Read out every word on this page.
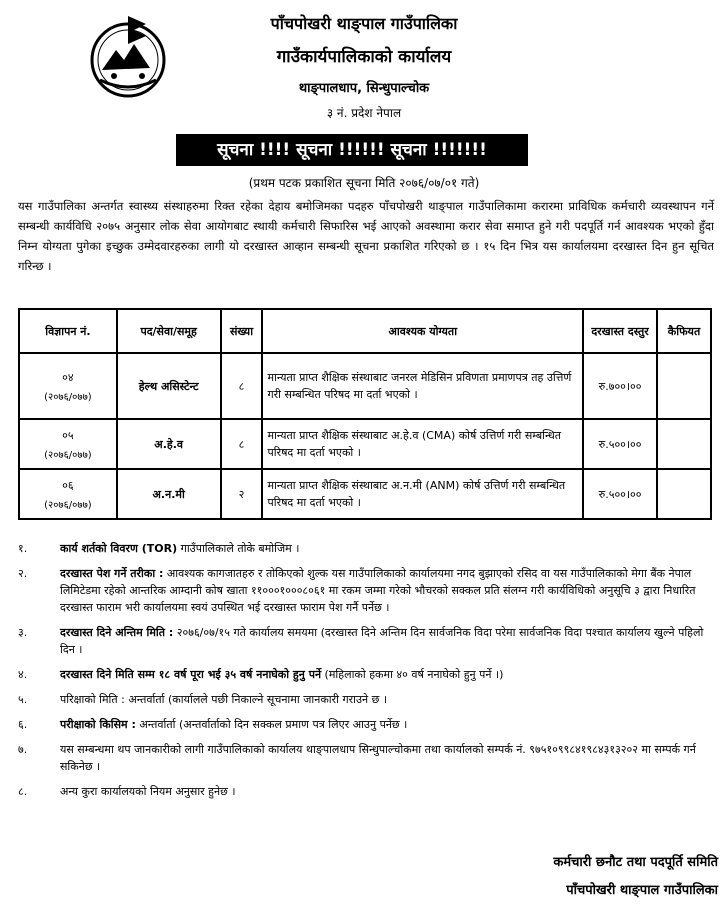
पाँचपोखरी थाङ्पाल गाउँपालिका
गाउँकार्यपालिकाको कार्यालय
थाङ्पालधाप, सिन्धुपाल्चोक
३ नं. प्रदेश नेपाल
सूचना !!!! सूचना !!!!!! सूचना !!!!!!!
(प्रथम पटक प्रकाशित सूचना मिति २०७६/०७/०१ गते)
यस गाउँपालिका अन्तर्गत स्वास्थ्य संस्थाहरुमा रिक्त रहेका देहाय बमोजिमका पदहरु पाँचपोखरी थाङ्पाल गाउँपालिकामा करारमा प्राविधिक कर्मचारी व्यवस्थापन गर्ने सम्बन्धी कार्यविधि २०७५ अनुसार लोक सेवा आयोगबाट स्थायी कर्मचारी सिफारिस भई आएको अवस्थामा करार सेवा समाप्त हुने गरी पदपूर्ति गर्न आवश्यक भएको हुँदा निम्न योग्यता पुगेका इच्छुक उम्मेदवारहरुका लागी यो दरखास्त आव्हान सम्बन्धी सूचना प्रकाशित गरिएको छ । १५ दिन भित्र यस कार्यालयमा दरखास्त दिन हुन सूचित गरिन्छ ।
विज्ञापन नं.	पद/सेवा/समूह	संख्या	आवश्यक योग्यता	दरखास्त दस्तुर	कैफियत
०४
(२०७६/०७७)	हेल्थ असिस्टेन्ट	८	मान्यता प्राप्त शैक्षिक संस्थाबाट जनरल मेडिसिन प्रविणता प्रमाणपत्र तह उत्तिर्ण गरी सम्बन्धित परिषद मा दर्ता भएको ।	रु.७००।००	
०५
(२०७६/०७७)	अ.हे.व	८	मान्यता प्राप्त शैक्षिक संस्थाबाट अ.हे.व (CMA) कोर्ष उत्तिर्ण गरी सम्बन्धित परिषद मा दर्ता भएको ।	रु.५००।००	
०६
(२०७६/०७७)	अ.न.मी	२	मान्यता प्राप्त शैक्षिक संस्थाबाट अ.न.मी (ANM) कोर्ष उत्तिर्ण गरी सम्बन्धित परिषद मा दर्ता भएको ।	रु.५००।००	
१.	कार्य शर्तको विवरण (TOR) गाउँपालिकाले तोके बमोजिम ।
२.	दरखास्त पेश गर्ने तरीका : आवश्यक कागजातहरु र तोकिएको शुल्क यस गाउँपालिकाको कार्यालयमा नगद बुझाएको रसिद वा यस गाउँपालिकाको मेगा बैंक नेपाल लिमिटेडमा रहेको आन्तरिक आम्दानी कोष खाता ११०००१०००८०६१ मा रकम जम्मा गरेको भौचरको सक्कल प्रति संलग्न गरी कार्यविधिको अनुसूचि ३ द्वारा निधारित दरखास्त फाराम भरी कार्यालयमा स्वयं उपस्थित भई दरखास्त फाराम पेश गर्नै पर्नेछ ।
३.	दरखास्त दिने अन्तिम मिति : २०७६/०७/१५ गते कार्यालय समयमा (दरखास्त दिने अन्तिम दिन सार्वजनिक विदा परेमा सार्वजनिक विदा पश्चात कार्यालय खुल्ने पहिलो दिन ।
४.	दरखास्त दिने मिति सम्म १८ वर्ष पूरा भई ३५ वर्ष ननाघेको हुनु पर्ने (महिलाको हकमा ४० वर्ष ननाघेको हुनु पर्ने ।)
५.	परिक्षाको मिति : अन्तर्वार्ता (कार्यालले पछी निकाल्ने सूचनामा जानकारी गराउने छ ।
६.	परीक्षाको किसिम : अन्तर्वार्ता (अन्तर्वार्ताको दिन सक्कल प्रमाण पत्र लिएर आउनु पर्नेछ ।
७.	यस सम्बन्धमा थप जानकारीको लागी गाउँपालिकाको कार्यालय थाङ्पालधाप सिन्धुपाल्चोकमा तथा कार्यालको सम्पर्क नं. ९७५१०९९८४१९८४३१३२०२ मा सम्पर्क गर्न सकिनेछ ।
८.	अन्य कुरा कार्यालयको नियम अनुसार हुनेछ ।
कर्मचारी छनौट तथा पदपूर्ति समिति
पाँचपोखरी थाङ्पाल गाउँपालिका
